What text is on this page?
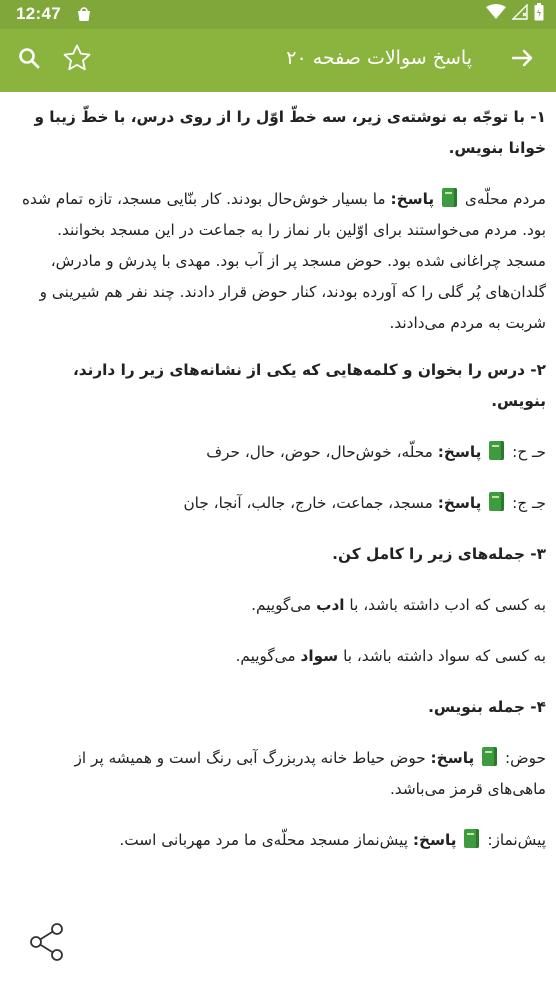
12:47
پاسخ سوالات صفحه ۲۰

۱- با توجّه به نوشته‌ی زیر، سه خطّ اوّل را از روی درس، با خطّ زیبا و خوانا بنویس.

مردم محلّه‌ی  پاسخ: ما بسیار خوش‌حال بودند. کار بنّایی مسجد، تازه تمام شده بود. مردم می‌خواستند برای اوّلین بار نماز را به جماعت در این مسجد بخوانند. مسجد چراغانی شده بود. حوض مسجد پر از آب بود. مهدی با پدرش و مادرش، گلدان‌های پُر گلی را که آورده بودند، کنار حوض قرار دادند. چند نفر هم شیرینی و شربت به مردم می‌دادند.

۲- درس را بخوان و کلمه‌هایی که یکی از نشانه‌های زیر را دارند، بنویس.

حـ ح:  پاسخ: محلّه، خوش‌حال، حوض، حال، حرف

جـ ج:  پاسخ: مسجد، جماعت، خارج، جالب، آنجا، جان

۳- جمله‌های زیر را کامل کن.

به کسی که ادب داشته باشد، با ادب می‌گوییم.

به کسی که سواد داشته باشد، با سواد می‌گوییم.

۴- جمله بنویس.

حوض:  پاسخ: حوض حیاط خانه پدربزرگ آبی رنگ است و همیشه پر از ماهی‌های قرمز می‌باشد.

پیش‌نماز:  پاسخ: پیش‌نماز مسجد محلّه‌ی ما مرد مهربانی است.
